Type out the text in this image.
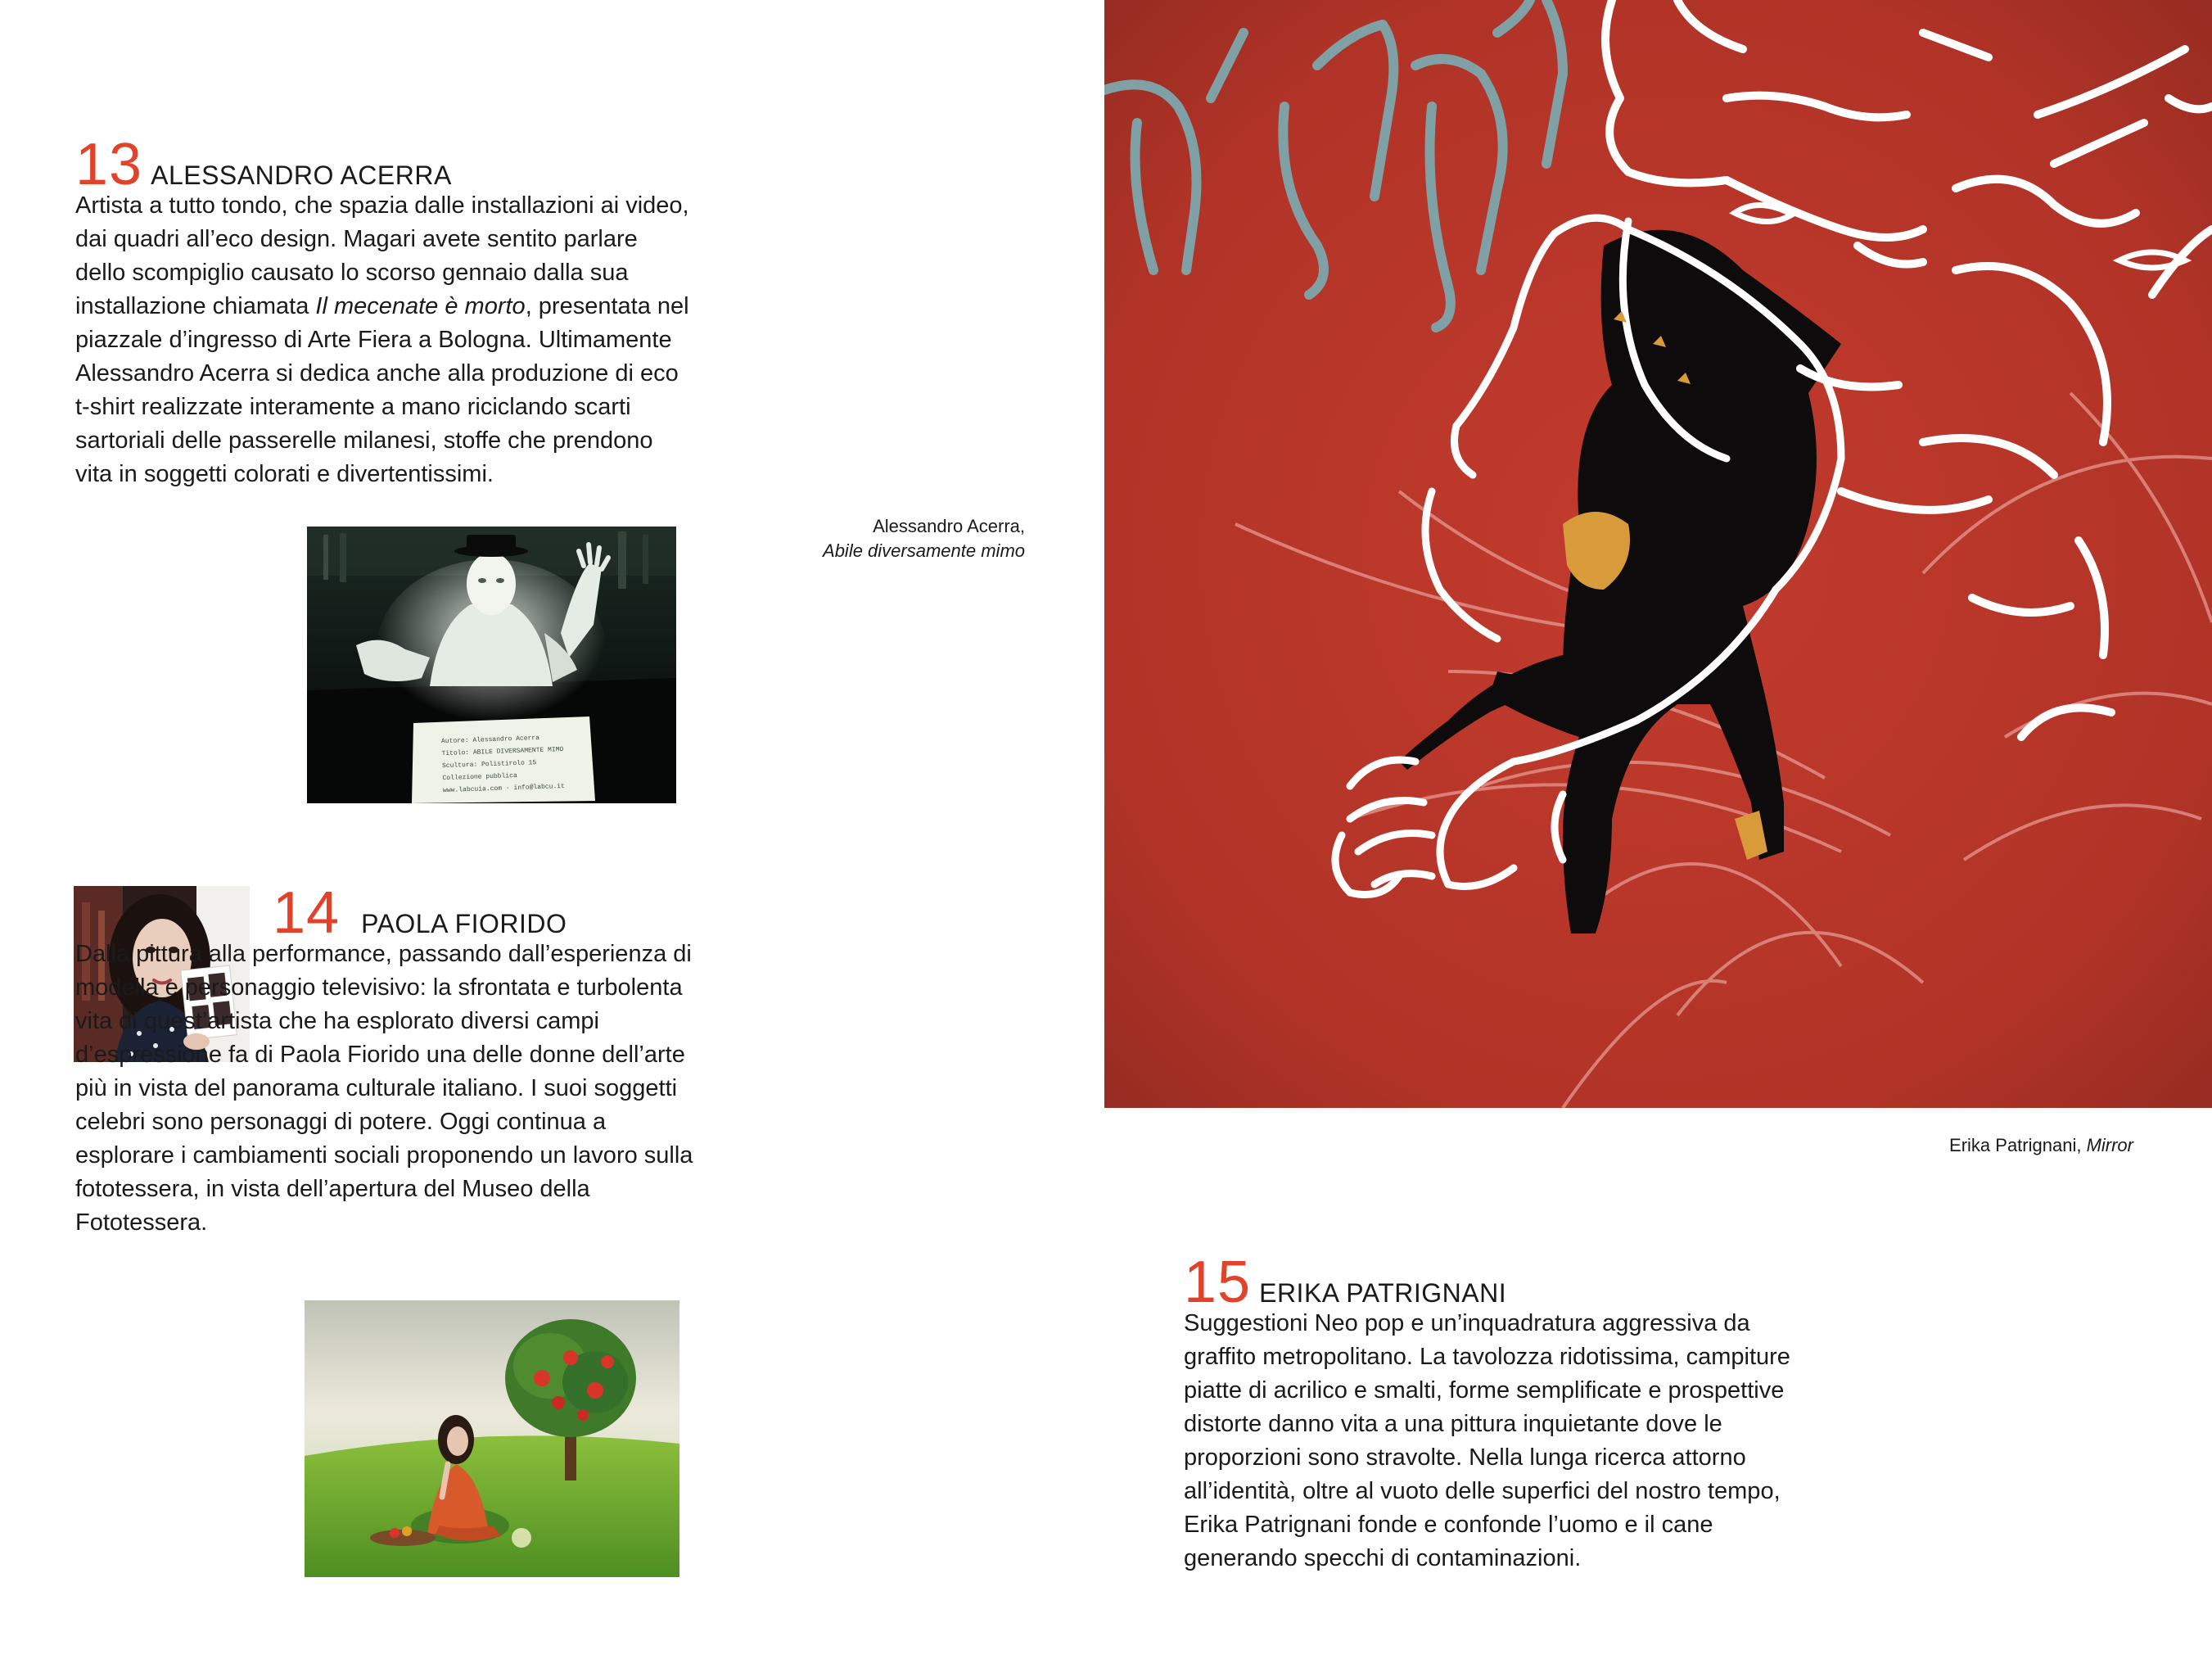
13 ALESSANDRO ACERRA

Artista a tutto tondo, che spazia dalle installazioni ai video, dai quadri all’eco design. Magari avete sentito parlare dello scompiglio causato lo scorso gennaio dalla sua installazione chiamata Il mecenate è morto, presentata nel piazzale d’ingresso di Arte Fiera a Bologna. Ultimamente Alessandro Acerra si dedica anche alla produzione di eco t-shirt realizzate interamente a mano riciclando scarti sartoriali delle passerelle milanesi, stoffe che prendono vita in soggetti colorati e divertentissimi.

Alessandro Acerra,
Abile diversamente mimo
Autore: Alessandro Acerra
Titolo: ABILE DIVERSAMENTE MIMO
Scultura: Polistirolo 15
Collezione pubblica
www.labcuia.com · info@labcu.it
14 PAOLA FIORIDO

Dalla pittura alla performance, passando dall’esperienza di modella e personaggio televisivo: la sfrontata e turbolenta vita di quest’artista che ha esplorato diversi campi d’espressione fa di Paola Fiorido una delle donne dell’arte più in vista del panorama culturale italiano. I suoi soggetti celebri sono personaggi di potere. Oggi continua a esplorare i cambiamenti sociali proponendo un lavoro sulla fototessera, in vista dell’apertura del Museo della Fototessera.

Erika Patrignani, Mirror
15 ERIKA PATRIGNANI

Suggestioni Neo pop e un’inquadratura aggressiva da graffito metropolitano. La tavolozza ridotissima, campiture piatte di acrilico e smalti, forme semplificate e prospettive distorte danno vita a una pittura inquietante dove le proporzioni sono stravolte. Nella lunga ricerca attorno all’identità, oltre al vuoto delle superfici del nostro tempo, Erika Patrignani fonde e confonde l’uomo e il cane generando specchi di contaminazioni.
